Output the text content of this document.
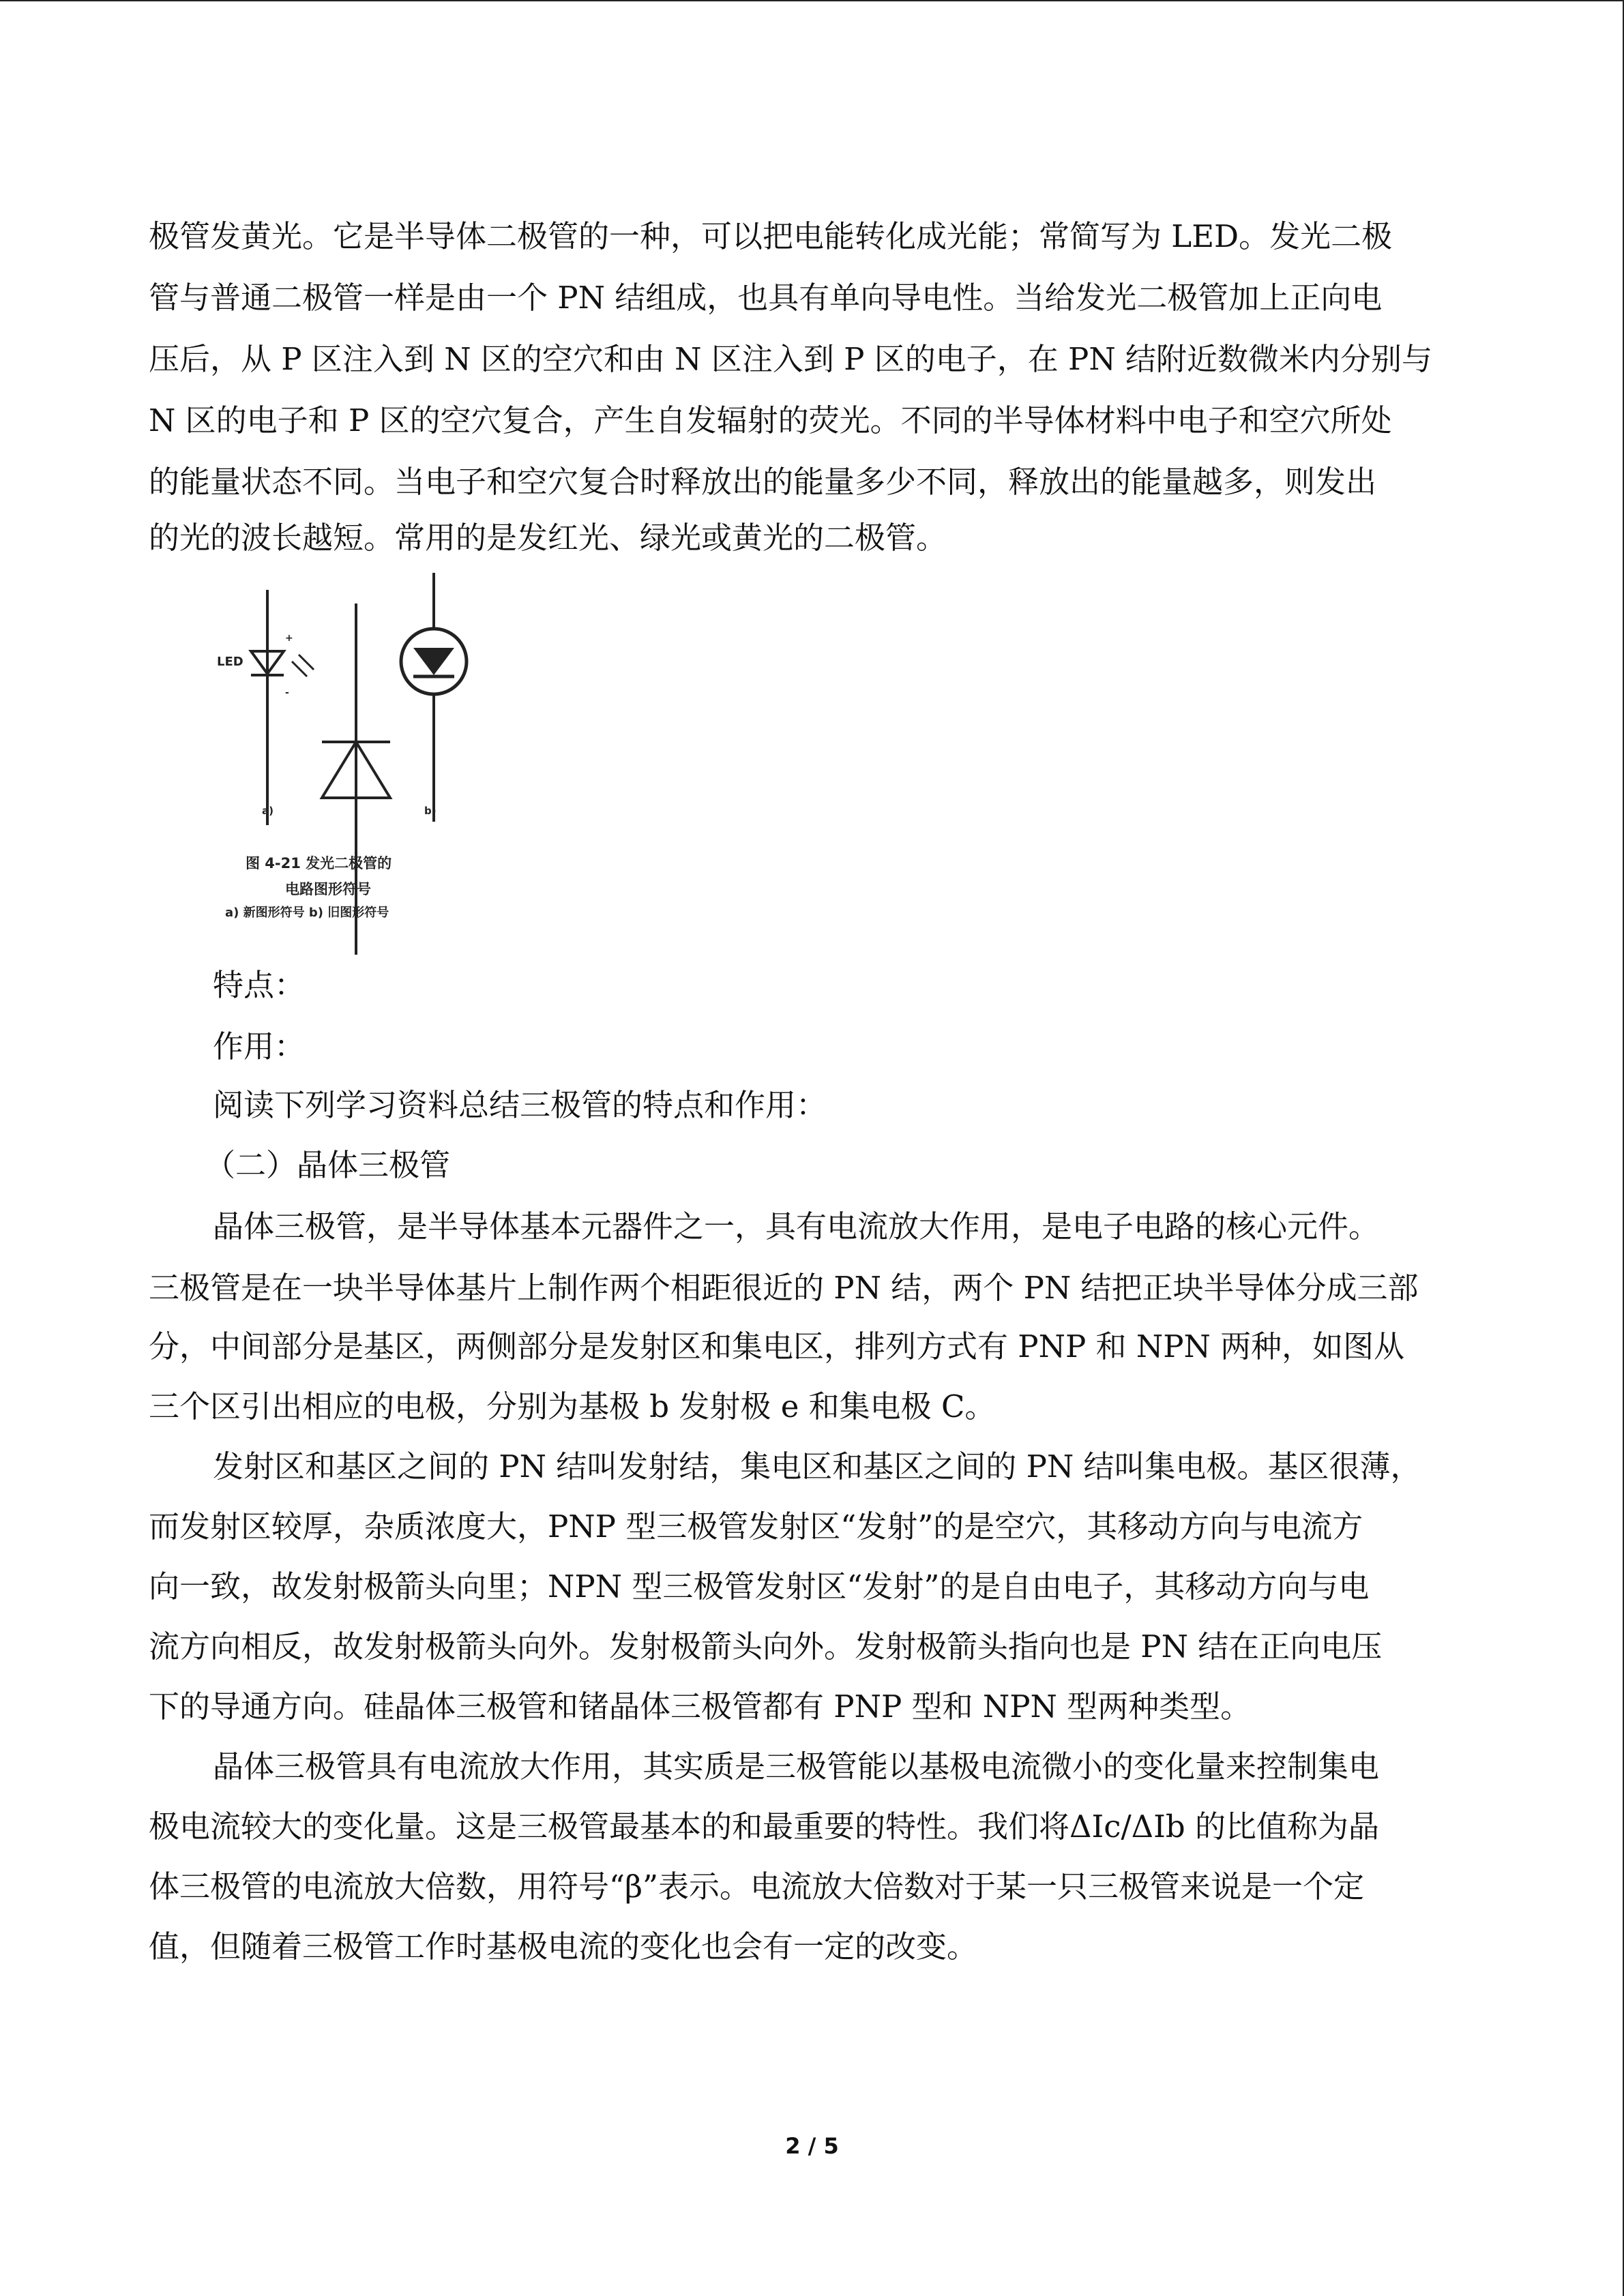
极管发黄光。它是半导体二极管的一种，可以把电能转化成光能；常简写为 LED。发光二极
管与普通二极管一样是由一个 PN 结组成，也具有单向导电性。当给发光二极管加上正向电
压后，从 P 区注入到 N 区的空穴和由 N 区注入到 P 区的电子，在 PN 结附近数微米内分别与
N 区的电子和 P 区的空穴复合，产生自发辐射的荧光。不同的半导体材料中电子和空穴所处
的能量状态不同。当电子和空穴复合时释放出的能量多少不同，释放出的能量越多，则发出
的光的波长越短。常用的是发红光、绿光或黄光的二极管。
LED
+
-
a)	b)
图 4-21 发光二极管的
电路图形符号
a) 新图形符号 b) 旧图形符号
特点：
作用：
阅读下列学习资料总结三极管的特点和作用：
（二）晶体三极管
晶体三极管，是半导体基本元器件之一，具有电流放大作用，是电子电路的核心元件。
三极管是在一块半导体基片上制作两个相距很近的 PN 结，两个 PN 结把正块半导体分成三部
分，中间部分是基区，两侧部分是发射区和集电区，排列方式有 PNP 和 NPN 两种，如图从
三个区引出相应的电极，分别为基极 b 发射极 e 和集电极 C。
发射区和基区之间的 PN 结叫发射结，集电区和基区之间的 PN 结叫集电极。基区很薄，
而发射区较厚，杂质浓度大，PNP 型三极管发射区“发射”的是空穴，其移动方向与电流方
向一致，故发射极箭头向里；NPN 型三极管发射区“发射”的是自由电子，其移动方向与电
流方向相反，故发射极箭头向外。发射极箭头向外。发射极箭头指向也是 PN 结在正向电压
下的导通方向。硅晶体三极管和锗晶体三极管都有 PNP 型和 NPN 型两种类型。
晶体三极管具有电流放大作用，其实质是三极管能以基极电流微小的变化量来控制集电
极电流较大的变化量。这是三极管最基本的和最重要的特性。我们将ΔIc/ΔIb 的比值称为晶
体三极管的电流放大倍数，用符号“β”表示。电流放大倍数对于某一只三极管来说是一个定
值，但随着三极管工作时基极电流的变化也会有一定的改变。
2 / 5
